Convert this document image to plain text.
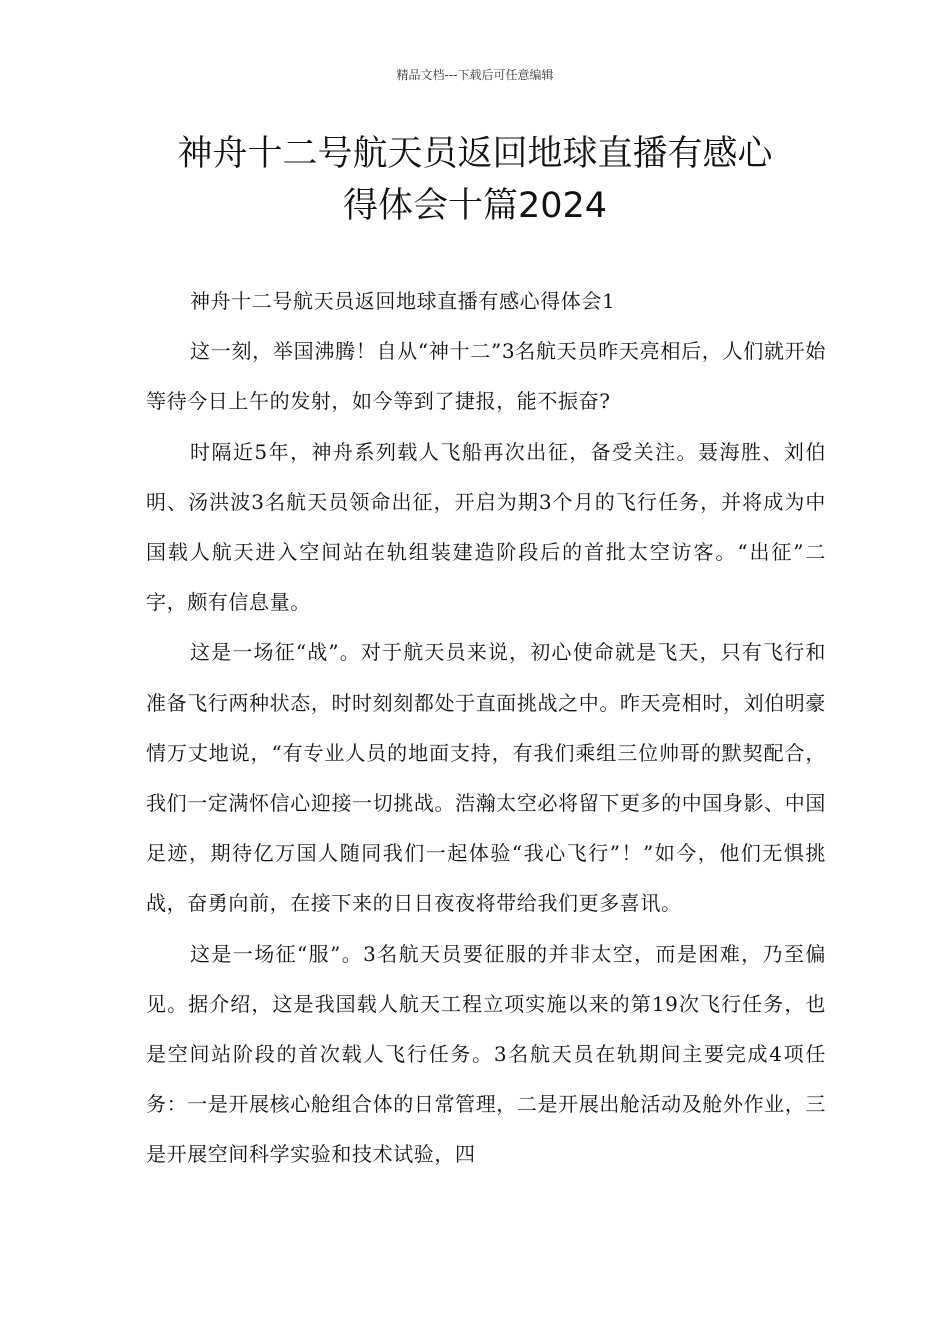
精品文档---下载后可任意编辑
神舟十二号航天员返回地球直播有感心
得体会十篇2024

神舟十二号航天员返回地球直播有感心得体会1

这一刻，举国沸腾！自从“神十二”3名航天员昨天亮相后，人们就开始等待今日上午的发射，如今等到了捷报，能不振奋?

时隔近5年，神舟系列载人飞船再次出征，备受关注。聂海胜、刘伯明、汤洪波3名航天员领命出征，开启为期3个月的飞行任务，并将成为中国载人航天进入空间站在轨组装建造阶段后的首批太空访客。“出征”二字，颇有信息量。

这是一场征“战”。对于航天员来说，初心使命就是飞天，只有飞行和准备飞行两种状态，时时刻刻都处于直面挑战之中。昨天亮相时，刘伯明豪情万丈地说，“有专业人员的地面支持，有我们乘组三位帅哥的默契配合，我们一定满怀信心迎接一切挑战。浩瀚太空必将留下更多的中国身影、中国足迹，期待亿万国人随同我们一起体验“我心飞行”！”如今，他们无惧挑战，奋勇向前，在接下来的日日夜夜将带给我们更多喜讯。

这是一场征“服”。3名航天员要征服的并非太空，而是困难，乃至偏见。据介绍，这是我国载人航天工程立项实施以来的第19次飞行任务，也是空间站阶段的首次载人飞行任务。3名航天员在轨期间主要完成4项任务：一是开展核心舱组合体的日常管理，二是开展出舱活动及舱外作业，三是开展空间科学实验和技术试验，四
